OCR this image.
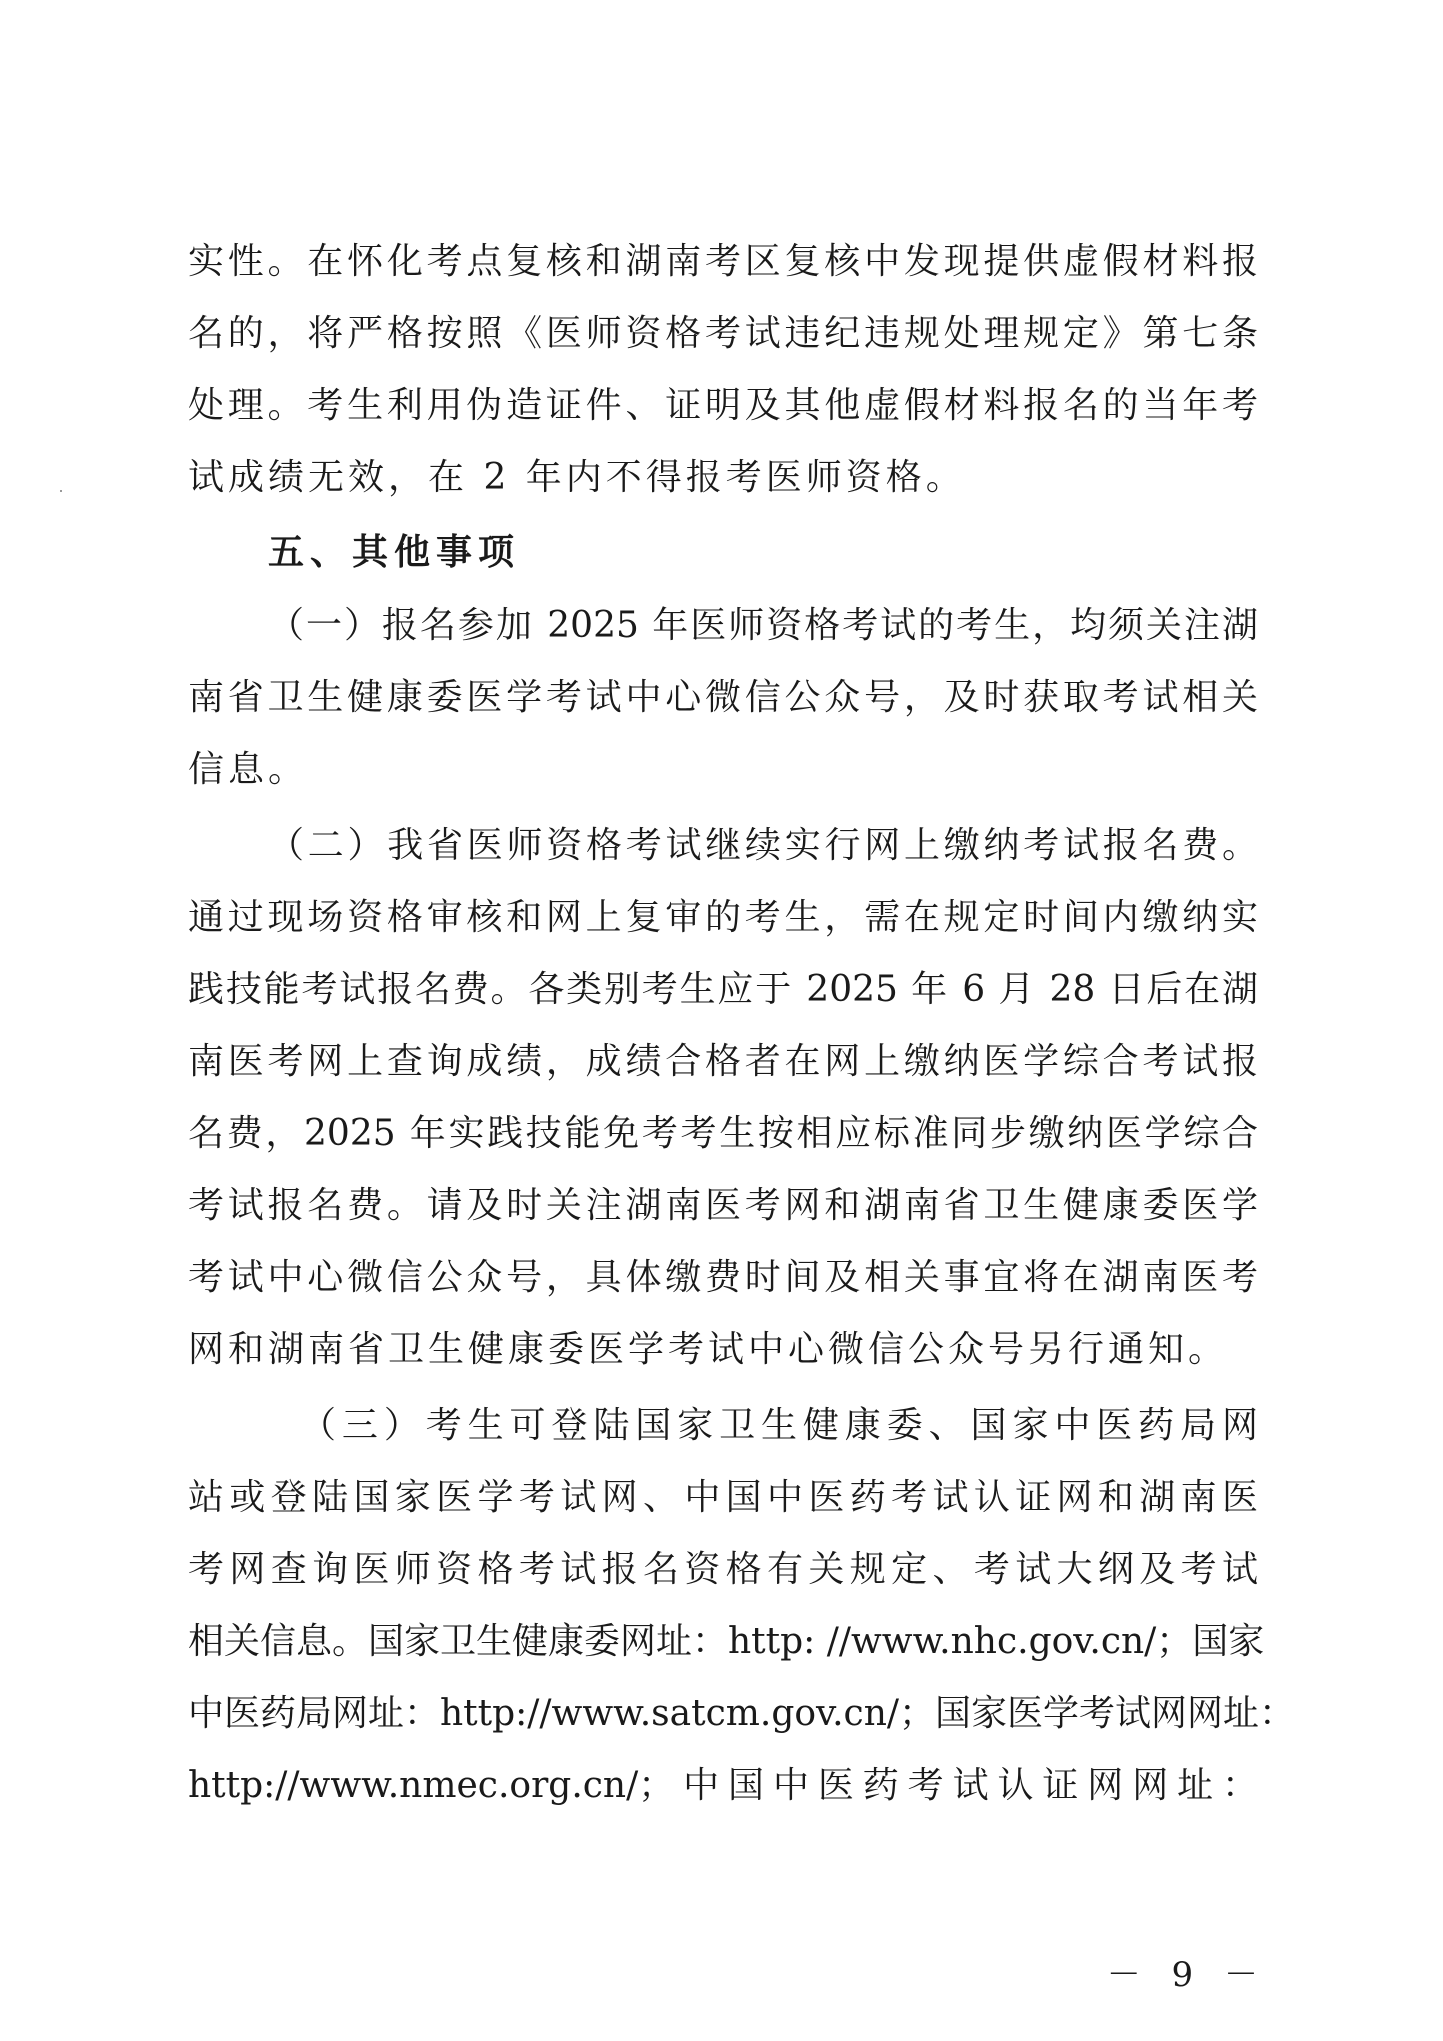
实性。在怀化考点复核和湖南考区复核中发现提供虚假材料报
名的，将严格按照《医师资格考试违纪违规处理规定》第七条
处理。考生利用伪造证件、证明及其他虚假材料报名的当年考
试成绩无效，在 2 年内不得报考医师资格。
五、其他事项
（一）报名参加 2025 年医师资格考试的考生，均须关注湖
南省卫生健康委医学考试中心微信公众号，及时获取考试相关
信息。
（二）我省医师资格考试继续实行网上缴纳考试报名费。
通过现场资格审核和网上复审的考生，需在规定时间内缴纳实
践技能考试报名费。各类别考生应于 2025 年 6 月 28 日后在湖
南医考网上查询成绩，成绩合格者在网上缴纳医学综合考试报
名费，2025 年实践技能免考考生按相应标准同步缴纳医学综合
考试报名费。请及时关注湖南医考网和湖南省卫生健康委医学
考试中心微信公众号，具体缴费时间及相关事宜将在湖南医考
网和湖南省卫生健康委医学考试中心微信公众号另行通知。
（三）考生可登陆国家卫生健康委、国家中医药局网
站或登陆国家医学考试网、中国中医药考试认证网和湖南医
考网查询医师资格考试报名资格有关规定、考试大纲及考试
相关信息。国家卫生健康委网址：http: //www.nhc.gov.cn/；国家
中医药局网址：http://www.satcm.gov.cn/；国家医学考试网网址：
http://www.nmec.org.cn/；中国中医药考试认证网网址：
－ 9 －
